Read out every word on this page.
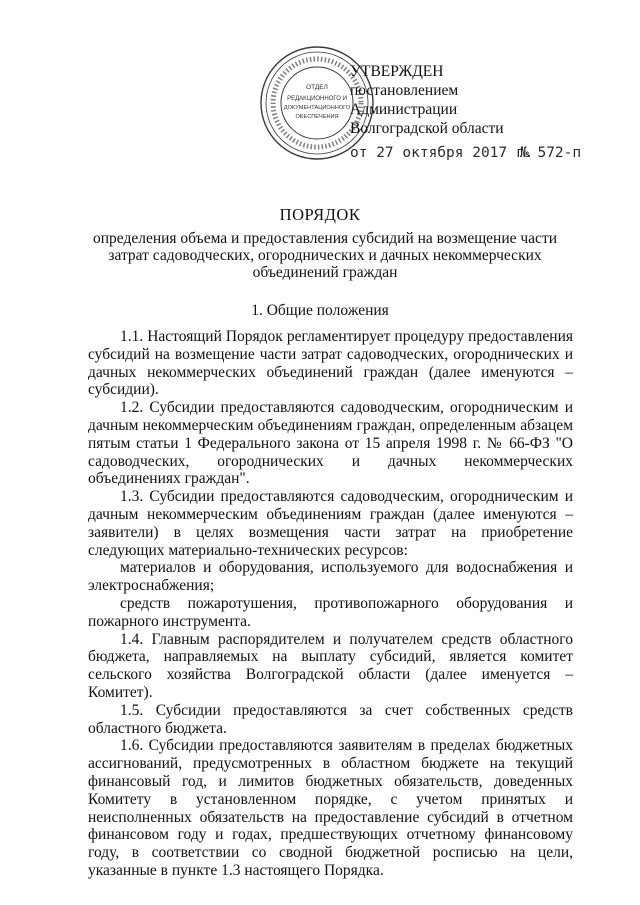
ОТДЕЛ
РЕДАКЦИОННОГО И
ДОКУМЕНТАЦИОННОГО
ОБЕСПЕЧЕНИЯ
УТВЕРЖДЕН
постановлением
Администрации
Волгоградской области
от 27 октября 2017 г.
№ 572-п
ПОРЯДОК
определения объема и предоставления субсидий на возмещение части затрат садоводческих, огороднических и дачных некоммерческих объединений граждан
1. Общие положения

1.1. Настоящий Порядок регламентирует процедуру предоставления субсидий на возмещение части затрат садоводческих, огороднических и дачных некоммерческих объединений граждан (далее именуются – субсидии).

1.2. Субсидии предоставляются садоводческим, огородническим и дачным некоммерческим объединениям граждан, определенным абзацем пятым статьи 1 Федерального закона от 15 апреля 1998 г. № 66-ФЗ "О садоводческих, огороднических и дачных некоммерческих объединениях граждан".

1.3. Субсидии предоставляются садоводческим, огородническим и дачным некоммерческим объединениям граждан (далее именуются – заявители) в целях возмещения части затрат на приобретение следующих материально-технических ресурсов:

материалов и оборудования, используемого для водоснабжения и электроснабжения;

средств пожаротушения, противопожарного оборудования и пожарного инструмента.

1.4. Главным распорядителем и получателем средств областного бюджета, направляемых на выплату субсидий, является комитет сельского хозяйства Волгоградской области (далее именуется – Комитет).

1.5. Субсидии предоставляются за счет собственных средств областного бюджета.

1.6. Субсидии предоставляются заявителям в пределах бюджетных ассигнований, предусмотренных в областном бюджете на текущий финансовый год, и лимитов бюджетных обязательств, доведенных Комитету в установленном порядке, с учетом принятых и неисполненных обязательств на предоставление субсидий в отчетном финансовом году и годах, предшествующих отчетному финансовому году, в соответствии со сводной бюджетной росписью на цели, указанные в пункте 1.3 настоящего Порядка.
